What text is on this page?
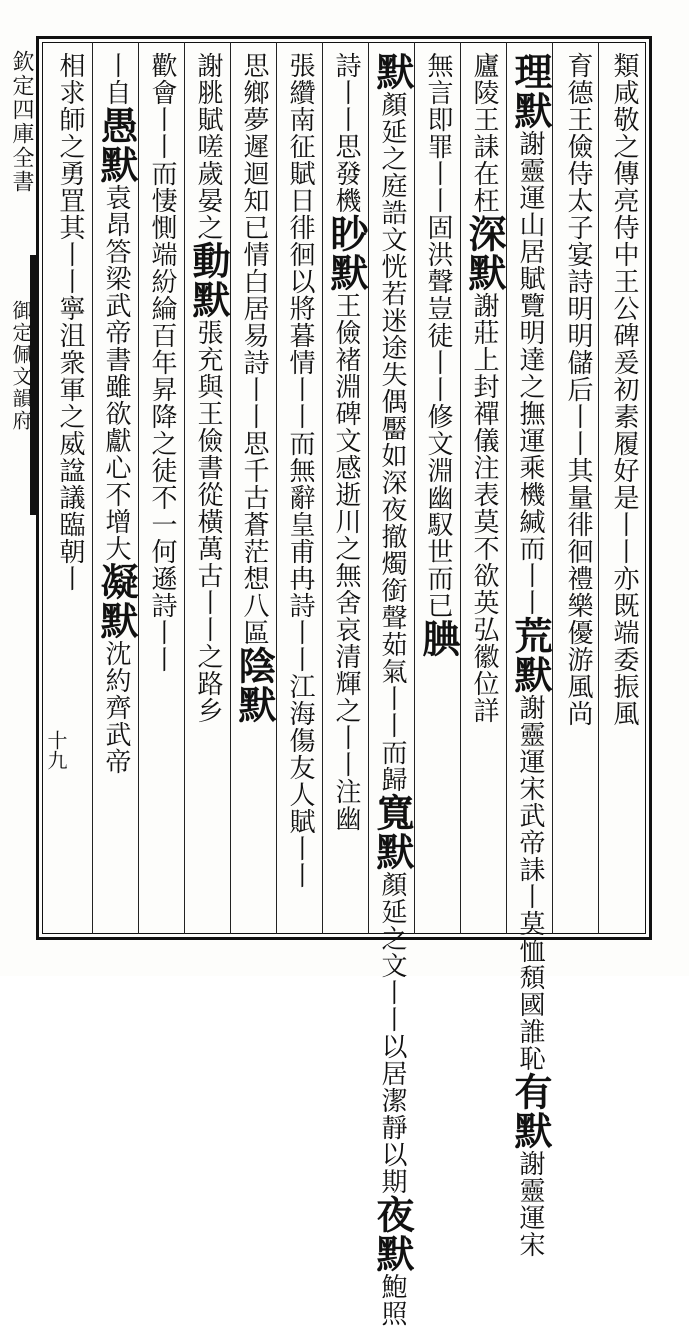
欽定四庫全書
御定佩文韻府
十九
類咸敬之傳亮侍中王公碑爰初素履好是丨丨亦既端委振風
育德王儉侍太子宴詩明明儲后丨丨其量徘徊禮樂優游風尚
理默謝靈運山居賦覽明達之撫運乘機緘而丨丨荒默謝靈運宋武帝誄丨莫恤頹國誰恥有默謝靈運宋
廬陵王誄在枉深默謝莊上封禪儀注表莫不欲英弘徽位詳
無言即罪丨丨固洪聲豈徒丨丨修文淵幽馭世而已腆
默顏延之庭誥文恍若迷途失偶靨如深夜撤燭銜聲茹氣丨丨而歸寬默顏延之文丨丨以居潔靜以期夜默鮑照
詩丨丨思發機眇默王儉褚淵碑文感逝川之無舍哀清輝之丨丨注幽
張纘南征賦日徘徊以將暮情丨丨而無辭皇甫冉詩丨丨江海傷友人賦丨丨
思鄉夢遲迴知已情白居易詩丨丨思千古蒼茫想八區陰默
謝脁賦嗟歲晏之動默張充與王儉書從橫萬古丨丨之路乡
歡會丨丨而悽惻端紛綸百年昇降之徒不一何遜詩丨丨
丨自愚默袁昂答梁武帝書雖欲獻心不增大凝默沈約齊武帝
相求師之勇罝其丨丨寧沮衆軍之威諡議臨朝丨
